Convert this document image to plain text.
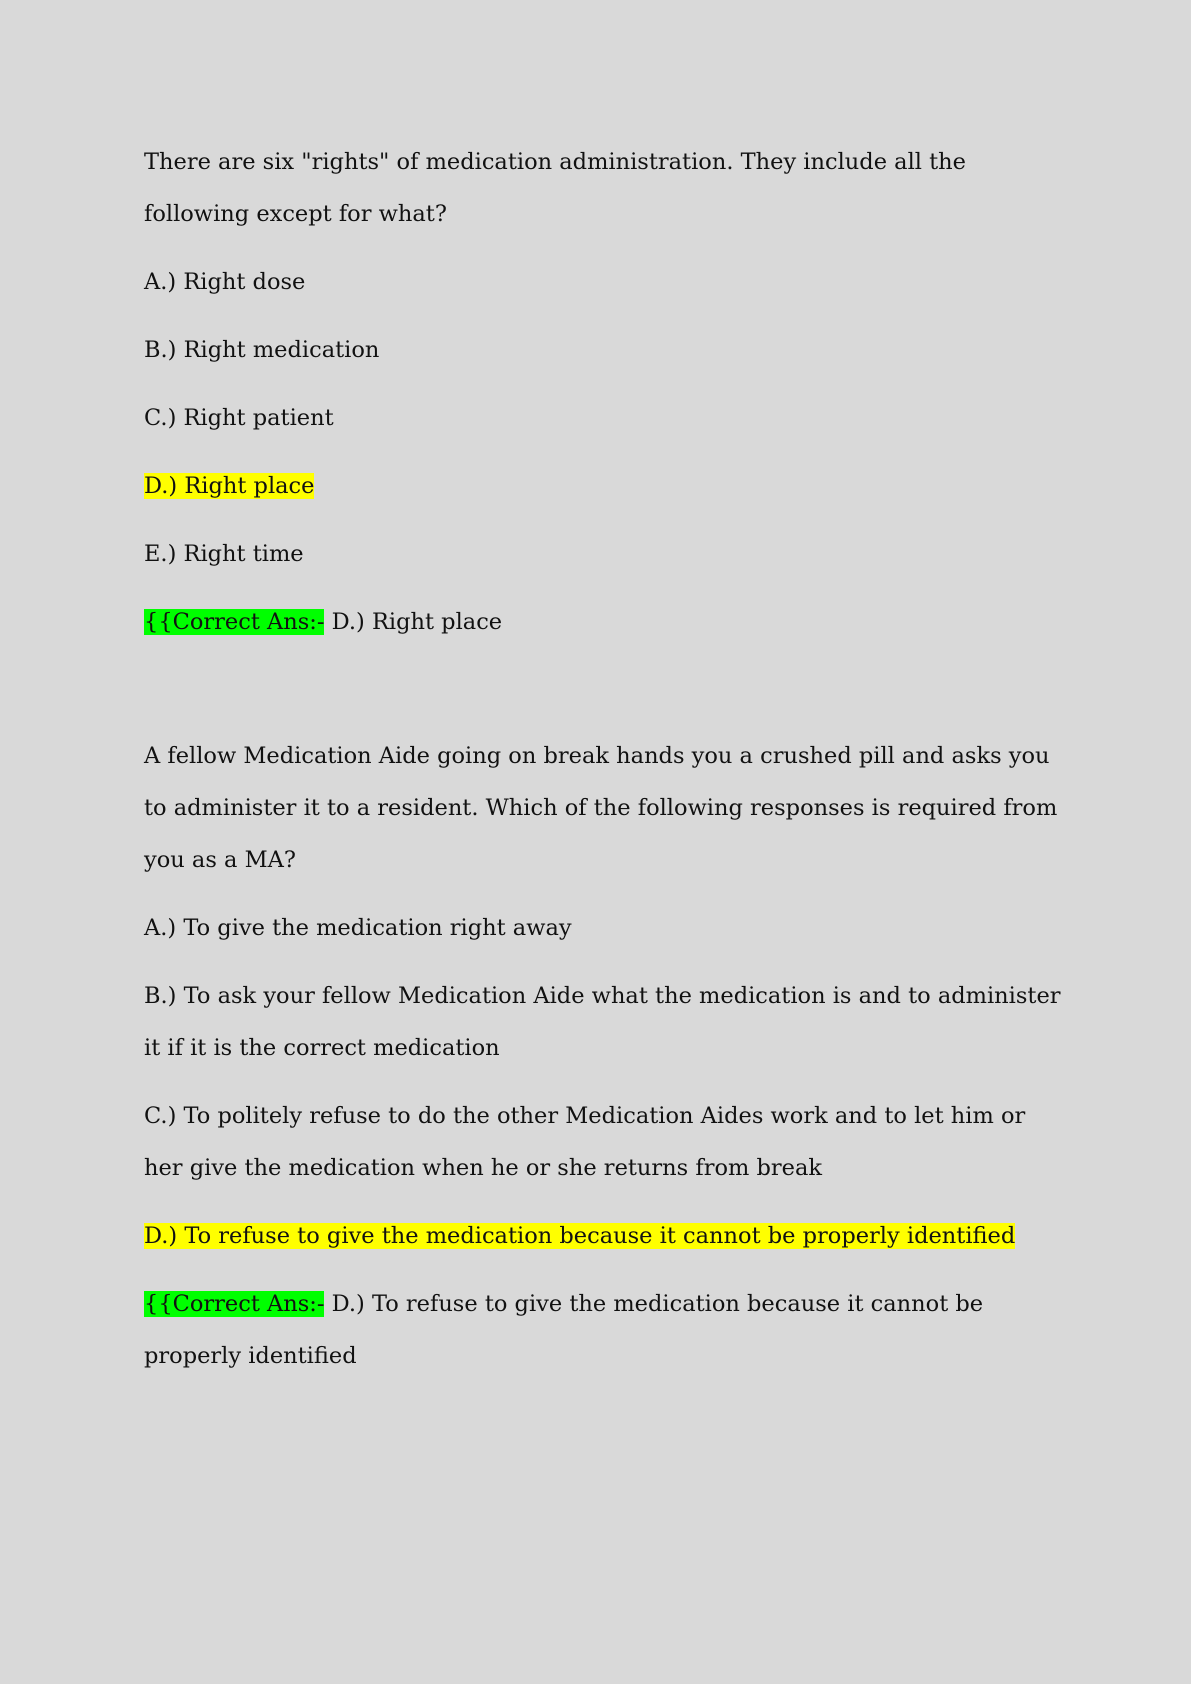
There are six "rights" of medication administration. They include all the following except for what?

A.) Right dose

B.) Right medication

C.) Right patient

D.) Right place

E.) Right time

{{Correct Ans:- D.) Right place

A fellow Medication Aide going on break hands you a crushed pill and asks you to administer it to a resident. Which of the following responses is required from you as a MA?

A.) To give the medication right away

B.) To ask your fellow Medication Aide what the medication is and to administer it if it is the correct medication

C.) To politely refuse to do the other Medication Aides work and to let him or her give the medication when he or she returns from break

D.) To refuse to give the medication because it cannot be properly identified

{{Correct Ans:- D.) To refuse to give the medication because it cannot be properly identified
